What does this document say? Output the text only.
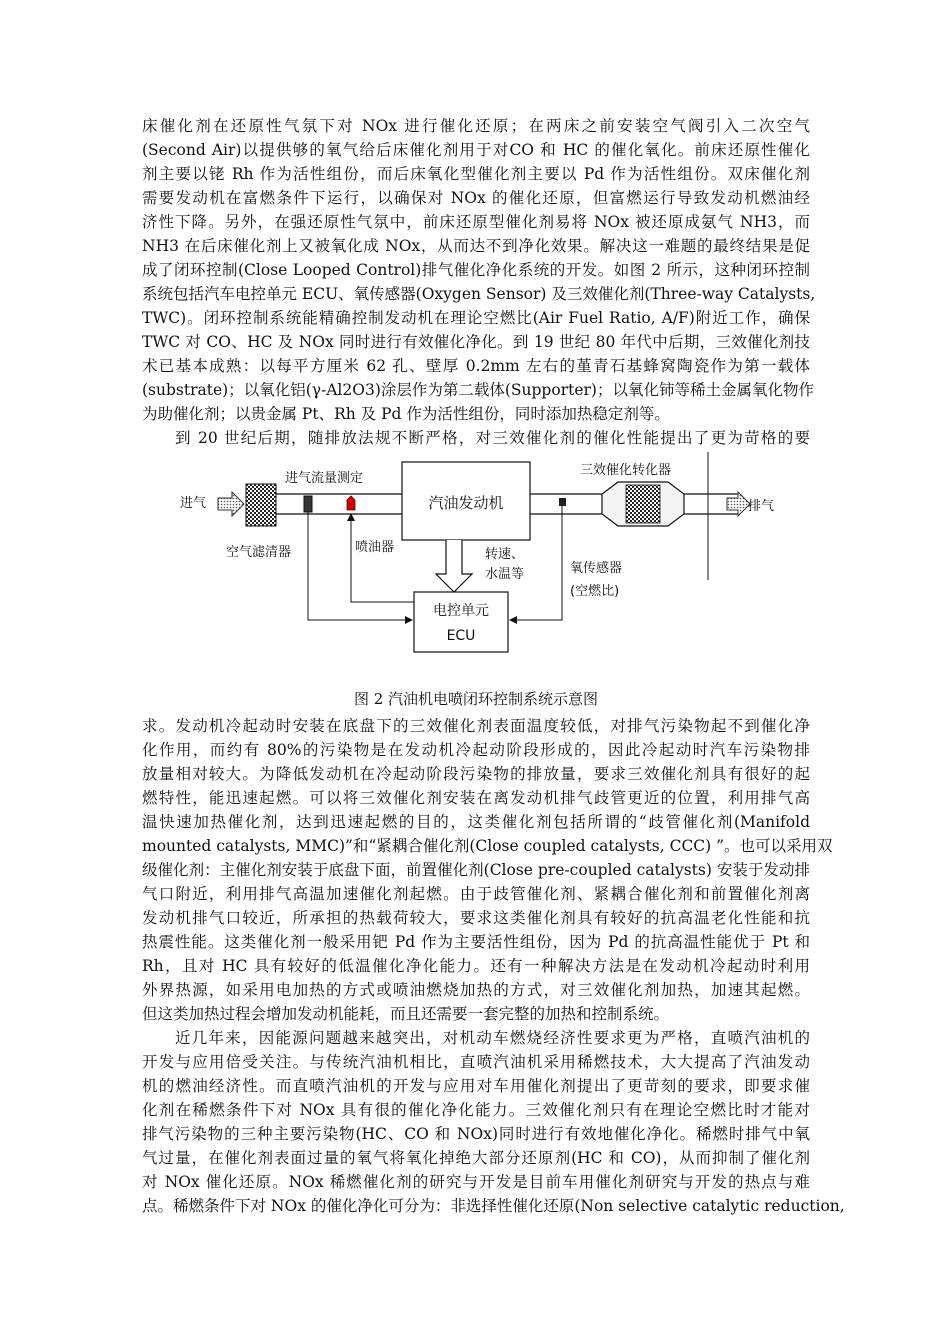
床催化剂在还原性气氛下对 NOx 进行催化还原；在两床之前安装空气阀引入二次空气
(Second Air)以提供够的氧气给后床催化剂用于对CO 和 HC 的催化氧化。前床还原性催化
剂主要以铑 Rh 作为活性组份，而后床氧化型催化剂主要以 Pd 作为活性组份。双床催化剂
需要发动机在富燃条件下运行，以确保对 NOx 的催化还原，但富燃运行导致发动机燃油经
济性下降。另外，在强还原性气氛中，前床还原型催化剂易将 NOx 被还原成氨气 NH3，而
NH3 在后床催化剂上又被氧化成 NOx，从而达不到净化效果。解决这一难题的最终结果是促
成了闭环控制(Close Looped Control)排气催化净化系统的开发。如图 2 所示，这种闭环控制
系统包括汽车电控单元 ECU、氧传感器(Oxygen Sensor) 及三效催化剂(Three-way Catalysts,
TWC)。闭环控制系统能精确控制发动机在理论空燃比(Air Fuel Ratio, A/F)附近工作，确保
TWC 对 CO、HC 及 NOx 同时进行有效催化净化。到 19 世纪 80 年代中后期，三效催化剂技
术已基本成熟：以每平方厘米 62 孔、壁厚 0.2mm 左右的堇青石基蜂窝陶瓷作为第一载体
(substrate)；以氧化铝(γ-Al2O3)涂层作为第二载体(Supporter)；以氧化铈等稀土金属氧化物作
为助催化剂；以贵金属 Pt、Rh 及 Pd 作为活性组份，同时添加热稳定剂等。
到 20 世纪后期，随排放法规不断严格，对三效催化剂的催化性能提出了更为苛格的要
进气
空气滤清器
进气流量测定
喷油器
汽油发动机
氧传感器
(空燃比)
三效催化转化器
排气
转速、
水温等
电控单元
ECU
图 2 汽油机电喷闭环控制系统示意图
求。发动机冷起动时安装在底盘下的三效催化剂表面温度较低，对排气污染物起不到催化净
化作用，而约有 80%的污染物是在发动机冷起动阶段形成的，因此冷起动时汽车污染物排
放量相对较大。为降低发动机在冷起动阶段污染物的排放量，要求三效催化剂具有很好的起
燃特性，能迅速起燃。可以将三效催化剂安装在离发动机排气歧管更近的位置，利用排气高
温快速加热催化剂，达到迅速起燃的目的，这类催化剂包括所谓的“歧管催化剂(Manifold
mounted catalysts, MMC)”和“紧耦合催化剂(Close coupled catalysts, CCC) ”。也可以采用双
级催化剂：主催化剂安装于底盘下面，前置催化剂(Close pre-coupled catalysts) 安装于发动排
气口附近，利用排气高温加速催化剂起燃。由于歧管催化剂、紧耦合催化剂和前置催化剂离
发动机排气口较近，所承担的热载荷较大，要求这类催化剂具有较好的抗高温老化性能和抗
热震性能。这类催化剂一般采用钯 Pd 作为主要活性组份，因为 Pd 的抗高温性能优于 Pt 和
Rh，且对 HC 具有较好的低温催化净化能力。还有一种解决方法是在发动机冷起动时利用
外界热源，如采用电加热的方式或喷油燃烧加热的方式，对三效催化剂加热，加速其起燃。
但这类加热过程会增加发动机能耗，而且还需要一套完整的加热和控制系统。
近几年来，因能源问题越来越突出，对机动车燃烧经济性要求更为严格，直喷汽油机的
开发与应用倍受关注。与传统汽油机相比，直喷汽油机采用稀燃技术，大大提高了汽油发动
机的燃油经济性。而直喷汽油机的开发与应用对车用催化剂提出了更苛刻的要求，即要求催
化剂在稀燃条件下对 NOx 具有很的催化净化能力。三效催化剂只有在理论空燃比时才能对
排气污染物的三种主要污染物(HC、CO 和 NOx)同时进行有效地催化净化。稀燃时排气中氧
气过量，在催化剂表面过量的氧气将氧化掉绝大部分还原剂(HC 和 CO)，从而抑制了催化剂
对 NOx 催化还原。NOx 稀燃催化剂的研究与开发是目前车用催化剂研究与开发的热点与难
点。稀燃条件下对 NOx 的催化净化可分为：非选择性催化还原(Non selective catalytic reduction,
